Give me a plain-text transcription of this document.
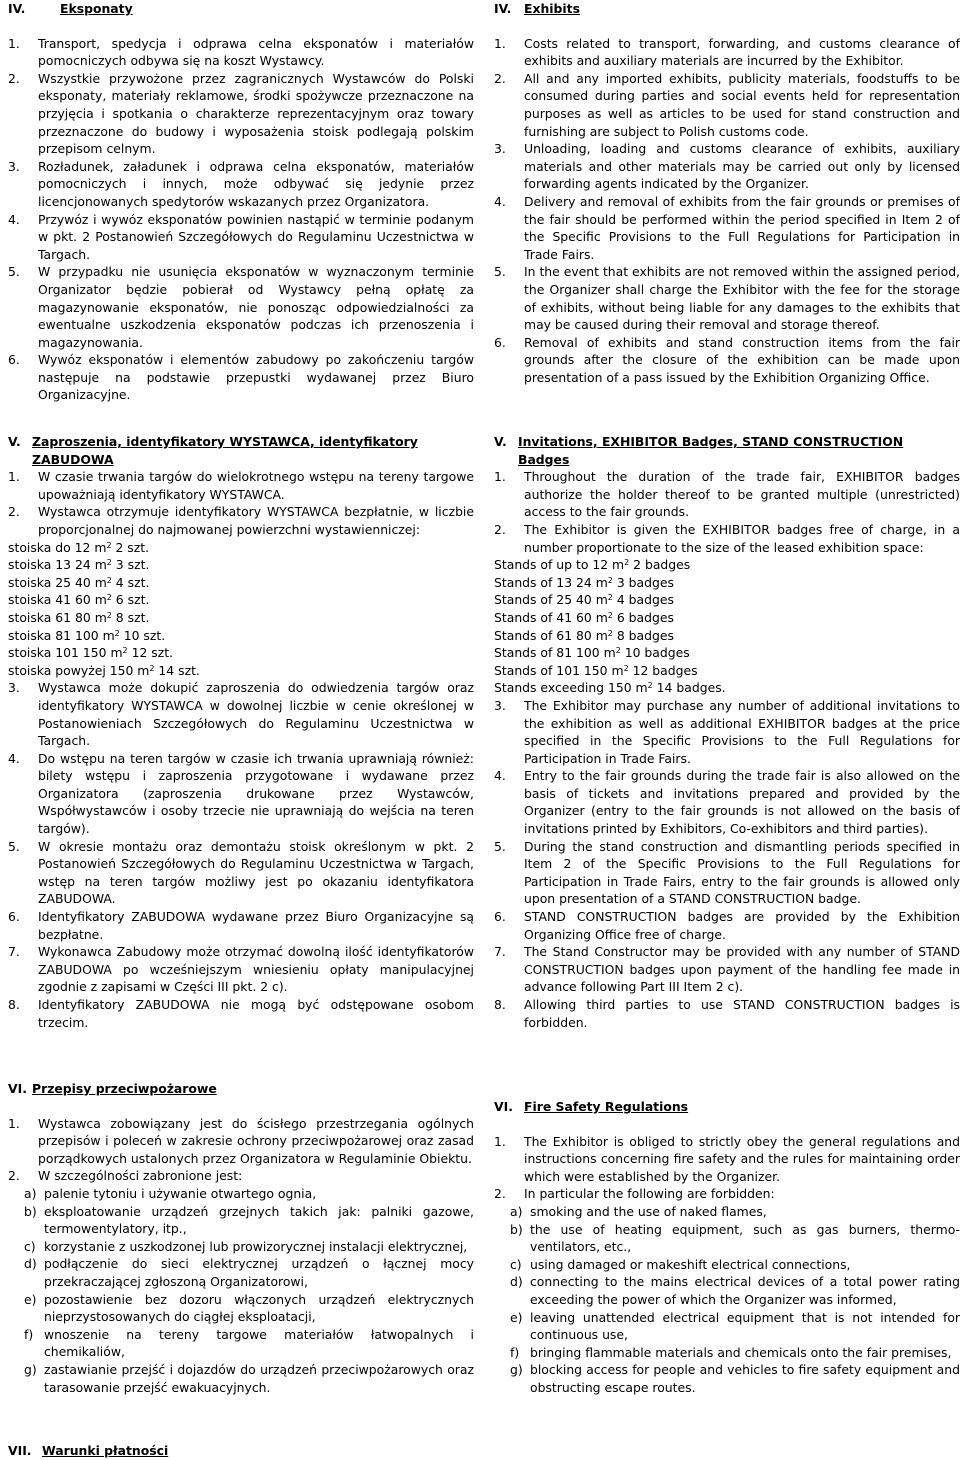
IV.	Eksponaty
1.	Transport, spedycja i odprawa celna eksponatów i materiałów pomocniczych odbywa się na koszt Wystawcy.
2.	Wszystkie przywożone przez zagranicznych Wystawców do Polski eksponaty, materiały reklamowe, środki spożywcze przeznaczone na przyjęcia i spotkania o charakterze reprezentacyjnym oraz towary przeznaczone do budowy i wyposażenia stoisk podlegają polskim przepisom celnym.
3.	Rozładunek, załadunek i odprawa celna eksponatów, materiałów pomocniczych i innych, może odbywać się jedynie przez licencjonowanych spedytorów wskazanych przez Organizatora.
4.	Przywóz i wywóz eksponatów powinien nastąpić w terminie podanym w pkt. 2 Postanowień Szczegółowych do Regulaminu Uczestnictwa w Targach.
5.	W przypadku nie usunięcia eksponatów w wyznaczonym terminie Organizator będzie pobierał od Wystawcy pełną opłatę za magazynowanie eksponatów, nie ponosząc odpowiedzialności za ewentualne uszkodzenia eksponatów podczas ich przenoszenia i magazynowania.
6.	Wywóz eksponatów i elementów zabudowy po zakończeniu targów następuje na podstawie przepustki wydawanej przez Biuro Organizacyjne.
V. Zaproszenia, identyfikatory WYSTAWCA, identyfikatory ZABUDOWA
1.	W czasie trwania targów do wielokrotnego wstępu na tereny targowe upoważniają identyfikatory WYSTAWCA.
2.	Wystawca otrzymuje identyfikatory WYSTAWCA bezpłatnie, w liczbie proporcjonalnej do najmowanej powierzchni wystawienniczej:
stoiska do 12 $m^2$ 2 szt.
stoiska 13 24 $m^2$ 3 szt.
stoiska 25 40 $m^2$ 4 szt.
stoiska 41 60 $m^2$ 6 szt.
stoiska 61 80 $m^2$ 8 szt.
stoiska 81 100 $m^2$ 10 szt.
stoiska 101 150 $m^2$ 12 szt.
stoiska powyżej 150 $m^2$ 14 szt.
3.	Wystawca może dokupić zaproszenia do odwiedzenia targów oraz identyfikatory WYSTAWCA w dowolnej liczbie w cenie określonej w Postanowieniach Szczegółowych do Regulaminu Uczestnictwa w Targach.
4.	Do wstępu na teren targów w czasie ich trwania uprawniają również: bilety wstępu i zaproszenia przygotowane i wydawane przez Organizatora (zaproszenia drukowane przez Wystawców, Współwystawców i osoby trzecie nie uprawniają do wejścia na teren targów).
5.	W okresie montażu oraz demontażu stoisk określonym w pkt. 2 Postanowień Szczegółowych do Regulaminu Uczestnictwa w Targach, wstęp na teren targów możliwy jest po okazaniu identyfikatora ZABUDOWA.
6.	Identyfikatory ZABUDOWA wydawane przez Biuro Organizacyjne są bezpłatne.
7.	Wykonawca Zabudowy może otrzymać dowolną ilość identyfikatorów ZABUDOWA po wcześniejszym wniesieniu opłaty manipulacyjnej zgodnie z zapisami w Części III pkt. 2 c).
8.	Identyfikatory ZABUDOWA nie mogą być odstępowane osobom trzecim.
VI. Przepisy przeciwpożarowe
1.	Wystawca zobowiązany jest do ścisłego przestrzegania ogólnych przepisów i poleceń w zakresie ochrony przeciwpożarowej oraz zasad porządkowych ustalonych przez Organizatora w Regulaminie Obiektu.
2.	W szczególności zabronione jest:
a) palenie tytoniu i używanie otwartego ognia,
b) eksploatowanie urządzeń grzejnych takich jak: palniki gazowe, termowentylatory, itp.,
c) korzystanie z uszkodzonej lub prowizorycznej instalacji elektrycznej,
d) podłączenie do sieci elektrycznej urządzeń o łącznej mocy przekraczającej zgłoszoną Organizatorowi,
e) pozostawienie bez dozoru włączonych urządzeń elektrycznych nieprzystosowanych do ciągłej eksploatacji,
f) wnoszenie na tereny targowe materiałów łatwopalnych i chemikaliów,
g) zastawianie przejść i dojazdów do urządzeń przeciwpożarowych oraz tarasowanie przejść ewakuacyjnych.
VII. Warunki płatności
IV.	Exhibits
1.	Costs related to transport, forwarding, and customs clearance of exhibits and auxiliary materials are incurred by the Exhibitor.
2.	All and any imported exhibits, publicity materials, foodstuffs to be consumed during parties and social events held for representation purposes as well as articles to be used for stand construction and furnishing are subject to Polish customs code.
3.	Unloading, loading and customs clearance of exhibits, auxiliary materials and other materials may be carried out only by licensed forwarding agents indicated by the Organizer.
4.	Delivery and removal of exhibits from the fair grounds or premises of the fair should be performed within the period specified in Item 2 of the Specific Provisions to the Full Regulations for Participation in Trade Fairs.
5.	In the event that exhibits are not removed within the assigned period, the Organizer shall charge the Exhibitor with the fee for the storage of exhibits, without being liable for any damages to the exhibits that may be caused during their removal and storage thereof.
6.	Removal of exhibits and stand construction items from the fair grounds after the closure of the exhibition can be made upon presentation of a pass issued by the Exhibition Organizing Office.
V. Invitations, EXHIBITOR Badges, STAND CONSTRUCTION Badges
1.	Throughout the duration of the trade fair, EXHIBITOR badges authorize the holder thereof to be granted multiple (unrestricted) access to the fair grounds.
2.	The Exhibitor is given the EXHIBITOR badges free of charge, in a number proportionate to the size of the leased exhibition space:
Stands of up to 12 $m^2$ 2 badges
Stands of 13 24 $m^2$ 3 badges
Stands of 25 40 $m^2$ 4 badges
Stands of 41 60 $m^2$ 6 badges
Stands of 61 80 $m^2$ 8 badges
Stands of 81 100 $m^2$ 10 badges
Stands of 101 150 $m^2$ 12 badges
Stands exceeding 150 $m^2$ 14 badges.
3.	The Exhibitor may purchase any number of additional invitations to the exhibition as well as additional EXHIBITOR badges at the price specified in the Specific Provisions to the Full Regulations for Participation in Trade Fairs.
4.	Entry to the fair grounds during the trade fair is also allowed on the basis of tickets and invitations prepared and provided by the Organizer (entry to the fair grounds is not allowed on the basis of invitations printed by Exhibitors, Co-exhibitors and third parties).
5.	During the stand construction and dismantling periods specified in Item 2 of the Specific Provisions to the Full Regulations for Participation in Trade Fairs, entry to the fair grounds is allowed only upon presentation of a STAND CONSTRUCTION badge.
6.	STAND CONSTRUCTION badges are provided by the Exhibition Organizing Office free of charge.
7.	The Stand Constructor may be provided with any number of STAND CONSTRUCTION badges upon payment of the handling fee made in advance following Part III Item 2 c).
8.	Allowing third parties to use STAND CONSTRUCTION badges is forbidden.
VI. Fire Safety Regulations
1.	The Exhibitor is obliged to strictly obey the general regulations and instructions concerning fire safety and the rules for maintaining order which were established by the Organizer.
2.	In particular the following are forbidden:
a) smoking and the use of naked flames,
b) the use of heating equipment, such as gas burners, thermo-ventilators, etc.,
c) using damaged or makeshift electrical connections,
d) connecting to the mains electrical devices of a total power rating exceeding the power of which the Organizer was informed,
e) leaving unattended electrical equipment that is not intended for continuous use,
f) bringing flammable materials and chemicals onto the fair premises,
g) blocking access for people and vehicles to fire safety equipment and obstructing escape routes.
